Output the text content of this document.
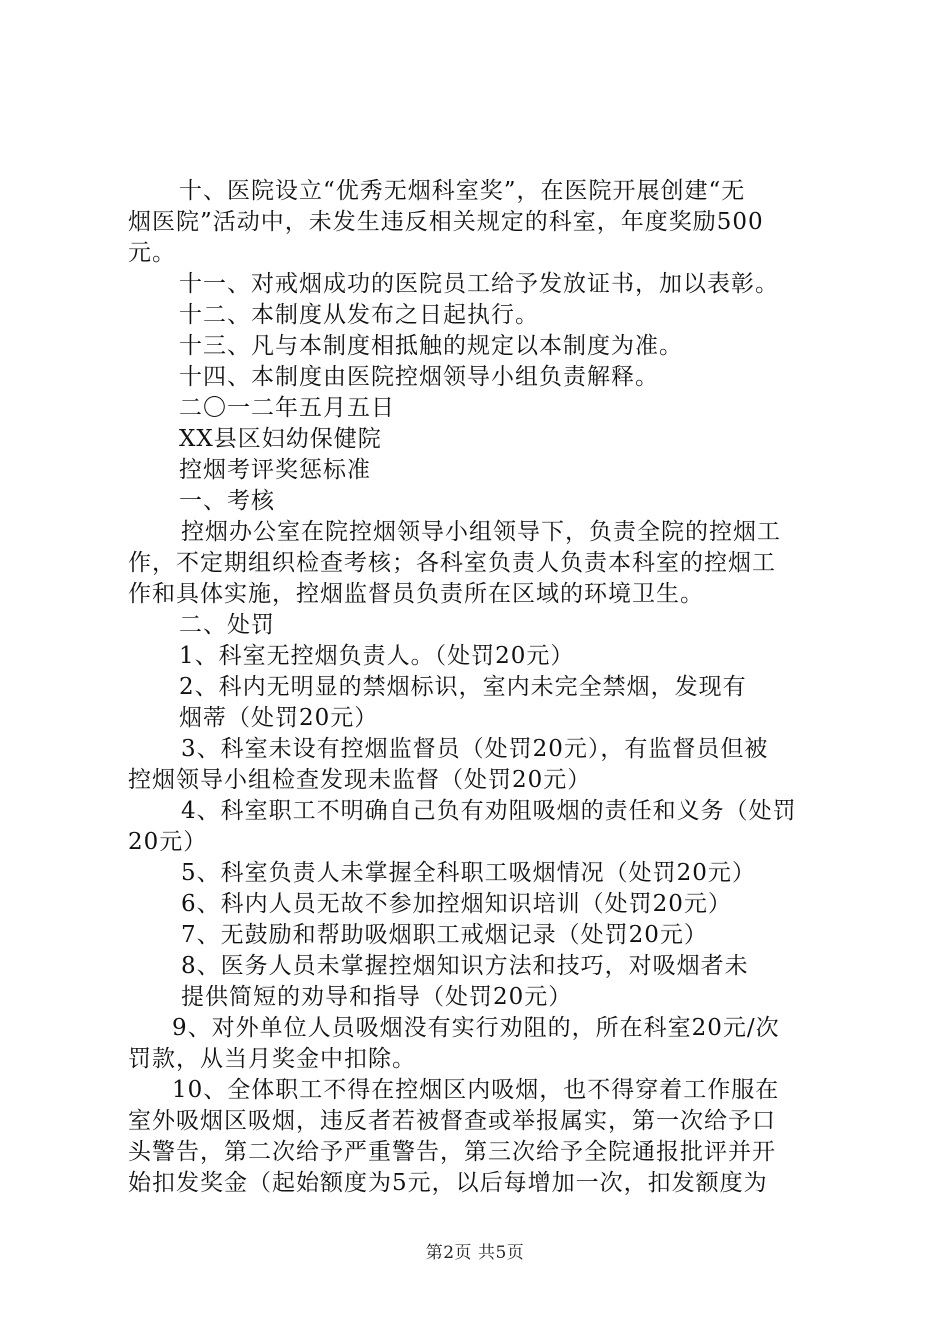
十、医院设立“优秀无烟科室奖”，在医院开展创建“无
烟医院”活动中，未发生违反相关规定的科室，年度奖励500
元。
十一、对戒烟成功的医院员工给予发放证书，加以表彰。
十二、本制度从发布之日起执行。
十三、凡与本制度相抵触的规定以本制度为准。
十四、本制度由医院控烟领导小组负责解释。
二〇一二年五月五日
XX县区妇幼保健院
控烟考评奖惩标准
一、考核
控烟办公室在院控烟领导小组领导下，负责全院的控烟工
作，不定期组织检查考核；各科室负责人负责本科室的控烟工
作和具体实施，控烟监督员负责所在区域的环境卫生。
二、处罚
1、科室无控烟负责人。（处罚20元）
2、科内无明显的禁烟标识，室内未完全禁烟，发现有
烟蒂（处罚20元）
3、科室未设有控烟监督员（处罚20元），有监督员但被
控烟领导小组检查发现未监督（处罚20元）
4、科室职工不明确自己负有劝阻吸烟的责任和义务（处罚
20元）
5、科室负责人未掌握全科职工吸烟情况（处罚20元）
6、科内人员无故不参加控烟知识培训（处罚20元）
7、无鼓励和帮助吸烟职工戒烟记录（处罚20元）
8、医务人员未掌握控烟知识方法和技巧，对吸烟者未
提供简短的劝导和指导（处罚20元）
9、对外单位人员吸烟没有实行劝阻的，所在科室20元/次
罚款，从当月奖金中扣除。
10、全体职工不得在控烟区内吸烟，也不得穿着工作服在
室外吸烟区吸烟，违反者若被督查或举报属实，第一次给予口
头警告，第二次给予严重警告，第三次给予全院通报批评并开
始扣发奖金（起始额度为5元，以后每增加一次，扣发额度为
第2页 共5页
